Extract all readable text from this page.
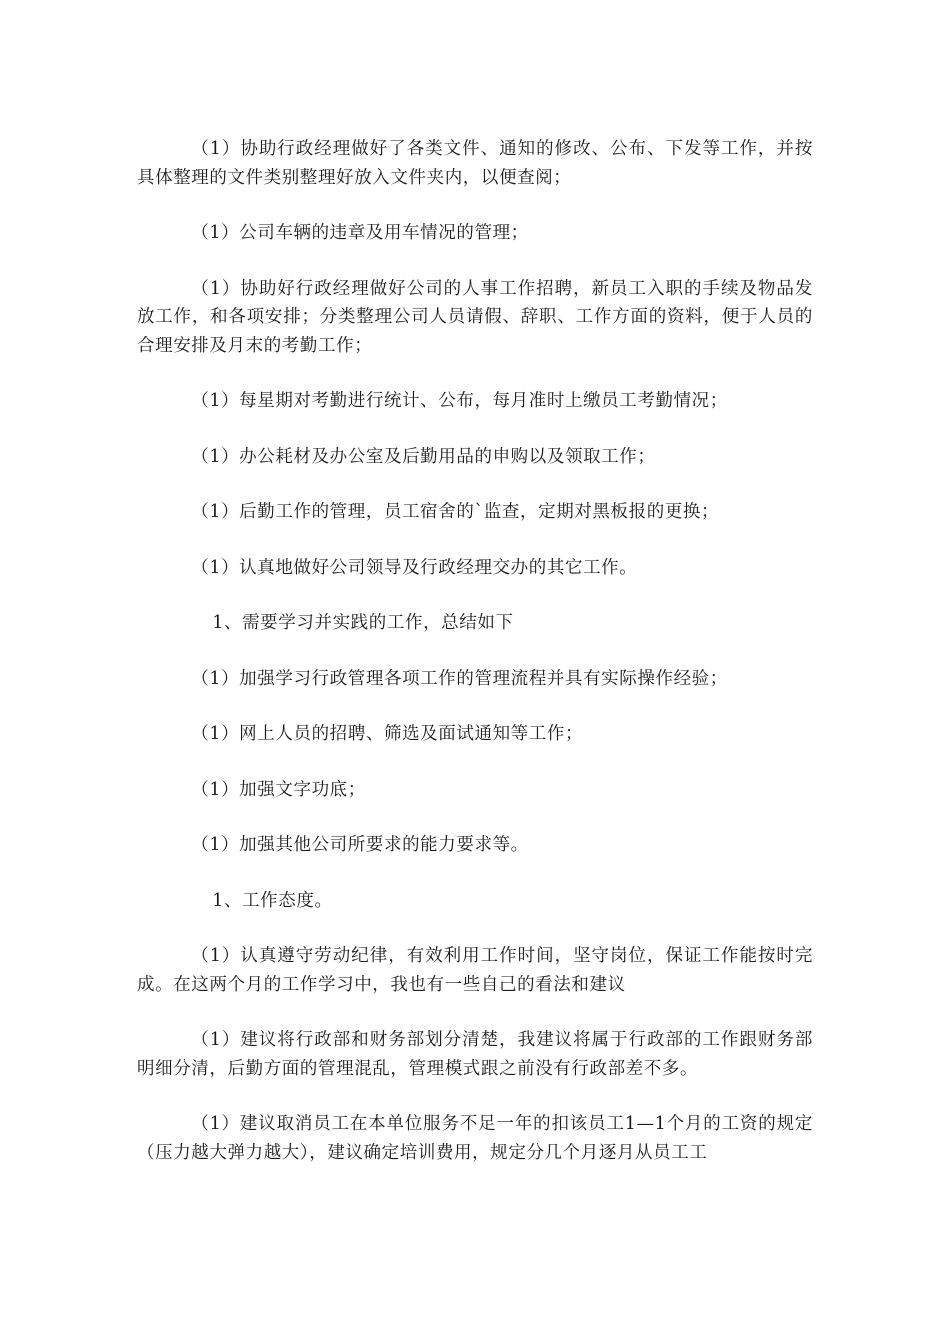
（1）协助行政经理做好了各类文件、通知的修改、公布、下发等工作，并按具体整理的文件类别整理好放入文件夹内，以便查阅；

（1）公司车辆的违章及用车情况的管理；

（1）协助好行政经理做好公司的人事工作招聘，新员工入职的手续及物品发放工作，和各项安排；分类整理公司人员请假、辞职、工作方面的资料，便于人员的合理安排及月末的考勤工作；

（1）每星期对考勤进行统计、公布，每月准时上缴员工考勤情况；

（1）办公耗材及办公室及后勤用品的申购以及领取工作；

（1）后勤工作的管理，员工宿舍的`监查，定期对黑板报的更换；

（1）认真地做好公司领导及行政经理交办的其它工作。

1、需要学习并实践的工作，总结如下

（1）加强学习行政管理各项工作的管理流程并具有实际操作经验；

（1）网上人员的招聘、筛选及面试通知等工作；

（1）加强文字功底；

（1）加强其他公司所要求的能力要求等。

1、工作态度。

（1）认真遵守劳动纪律，有效利用工作时间，坚守岗位，保证工作能按时完成。在这两个月的工作学习中，我也有一些自己的看法和建议

（1）建议将行政部和财务部划分清楚，我建议将属于行政部的工作跟财务部明细分清，后勤方面的管理混乱，管理模式跟之前没有行政部差不多。

（1）建议取消员工在本单位服务不足一年的扣该员工1—1个月的工资的规定（压力越大弹力越大），建议确定培训费用，规定分几个月逐月从员工工
